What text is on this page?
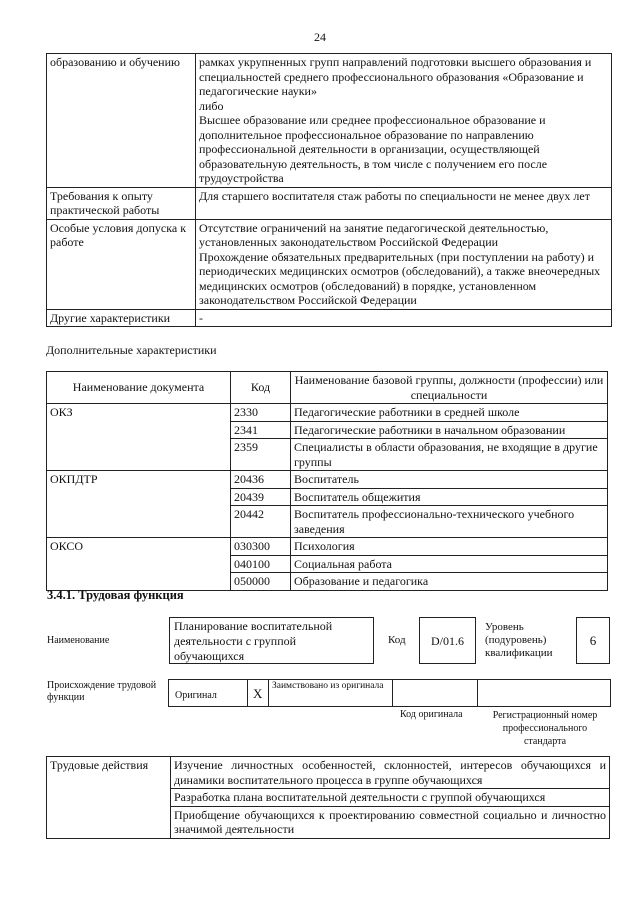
24
образованию и обучению	рамках укрупненных групп направлений подготовки высшего образования и специальностей среднего профессионального образования «Образование и педагогические науки»
либо
Высшее образование или среднее профессиональное образование и дополнительное профессиональное образование по направлению профессиональной деятельности в организации, осуществляющей образовательную деятельность, в том числе с получением его после трудоустройства

Требования к опыту практической работы	Для старшего воспитателя стаж работы по специальности не менее двух лет

Особые условия допуска к работе	Отсутствие ограничений на занятие педагогической деятельностью, установленных законодательством Российской Федерации
Прохождение обязательных предварительных (при поступлении на работу) и периодических медицинских осмотров (обследований), а также внеочередных медицинских осмотров (обследований) в порядке, установленном законодательством Российской Федерации

Другие характеристики	-
Дополнительные характеристики
Наименование документа	Код	Наименование базовой группы, должности (профессии) или специальности
ОКЗ	2330	Педагогические работники в средней школе
	2341	Педагогические работники в начальном образовании
	2359	Специалисты в области образования, не входящие в другие группы
ОКПДТР	20436	Воспитатель
	20439	Воспитатель общежития
	20442	Воспитатель профессионально-технического учебного заведения
ОКСО	030300	Психология
	040100	Социальная работа
	050000	Образование и педагогика
3.4.1. Трудовая функция
Наименование
Планирование воспитательной деятельности с группой обучающихся
Код	D/01.6
Уровень (подуровень) квалификации
6
Происхождение трудовой функции	Оригинал	X	Заимствовано из оригинала
Код оригинала	Регистрационный номер профессионального стандарта
Трудовые действия	Изучение личностных особенностей, склонностей, интересов обучающихся и динамики воспитательного процесса в группе обучающихся
Разработка плана воспитательной деятельности с группой обучающихся
Приобщение обучающихся к проектированию совместной социально и личностно значимой деятельности
